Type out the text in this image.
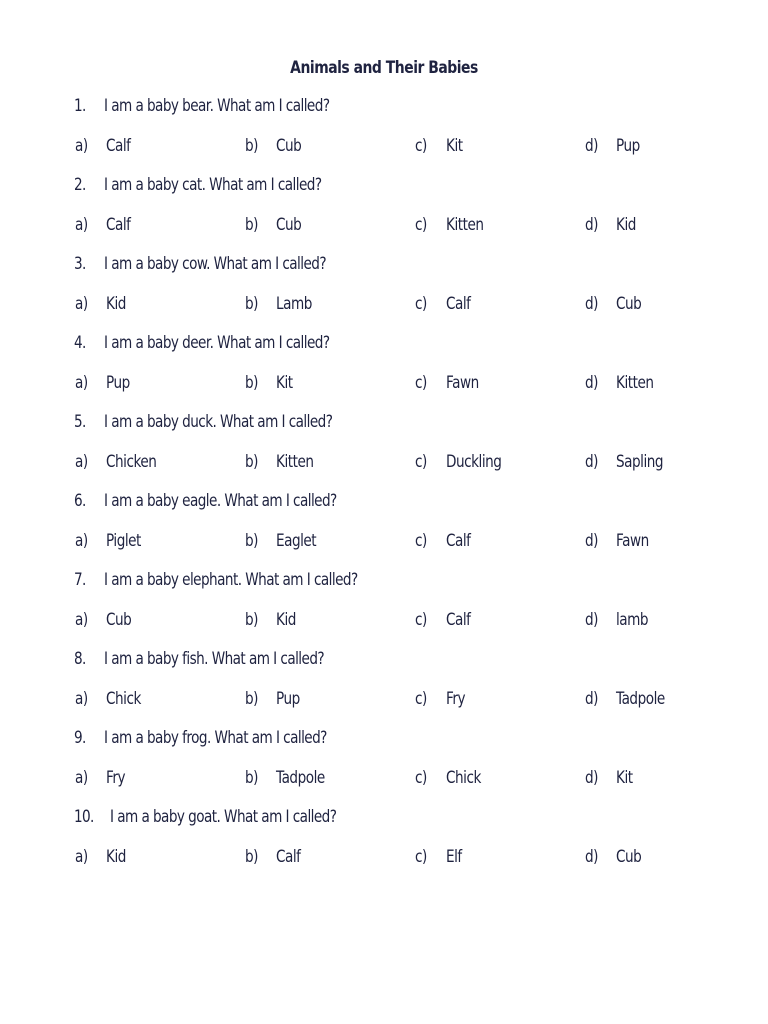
Animals and Their Babies
1. I am a baby bear. What am I called?
a) Calf	b) Cub	c) Kit	d) Pup
2. I am a baby cat. What am I called?
a) Calf	b) Cub	c) Kitten	d) Kid
3. I am a baby cow. What am I called?
a) Kid	b) Lamb	c) Calf	d) Cub
4. I am a baby deer. What am I called?
a) Pup	b) Kit	c) Fawn	d) Kitten
5. I am a baby duck. What am I called?
a) Chicken	b) Kitten	c) Duckling	d) Sapling
6. I am a baby eagle. What am I called?
a) Piglet	b) Eaglet	c) Calf	d) Fawn
7. I am a baby elephant. What am I called?
a) Cub	b) Kid	c) Calf	d) lamb
8. I am a baby fish. What am I called?
a) Chick	b) Pup	c) Fry	d) Tadpole
9. I am a baby frog. What am I called?
a) Fry	b) Tadpole	c) Chick	d) Kit
10. I am a baby goat. What am I called?
a) Kid	b) Calf	c) Elf	d) Cub
